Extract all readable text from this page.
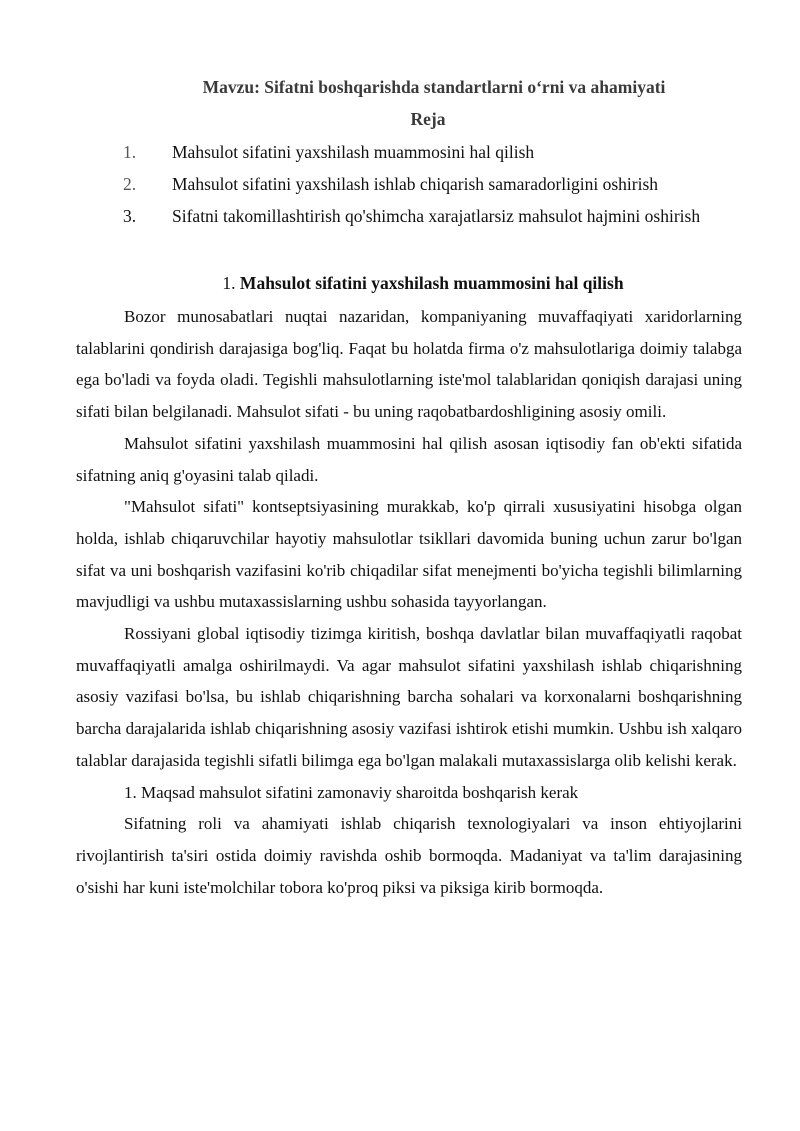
Mavzu: Sifatni boshqarishda standartlarni o‘rni va ahamiyati
Reja
1. Mahsulot sifatini yaxshilash muammosini hal qilish
2. Mahsulot sifatini yaxshilash ishlab chiqarish samaradorligini oshirish
3. Sifatni takomillashtirish qo'shimcha xarajatlarsiz mahsulot hajmini oshirish
1. Mahsulot sifatini yaxshilash muammosini hal qilish

Bozor munosabatlari nuqtai nazaridan, kompaniyaning muvaffaqiyati xaridorlarning talablarini qondirish darajasiga bog'liq. Faqat bu holatda firma o'z mahsulotlariga doimiy talabga ega bo'ladi va foyda oladi. Tegishli mahsulotlarning iste'mol talablaridan qoniqish darajasi uning sifati bilan belgilanadi. Mahsulot sifati - bu uning raqobatbardoshligining asosiy omili.

Mahsulot sifatini yaxshilash muammosini hal qilish asosan iqtisodiy fan ob'ekti sifatida sifatning aniq g'oyasini talab qiladi.

"Mahsulot sifati" kontseptsiyasining murakkab, ko'p qirrali xususiyatini hisobga olgan holda, ishlab chiqaruvchilar hayotiy mahsulotlar tsikllari davomida buning uchun zarur bo'lgan sifat va uni boshqarish vazifasini ko'rib chiqadilar sifat menejmenti bo'yicha tegishli bilimlarning mavjudligi va ushbu mutaxassislarning ushbu sohasida tayyorlangan.

Rossiyani global iqtisodiy tizimga kiritish, boshqa davlatlar bilan muvaffaqiyatli raqobat muvaffaqiyatli amalga oshirilmaydi. Va agar mahsulot sifatini yaxshilash ishlab chiqarishning asosiy vazifasi bo'lsa, bu ishlab chiqarishning barcha sohalari va korxonalarni boshqarishning barcha darajalarida ishlab chiqarishning asosiy vazifasi ishtirok etishi mumkin. Ushbu ish xalqaro talablar darajasida tegishli sifatli bilimga ega bo'lgan malakali mutaxassislarga olib kelishi kerak.

1. Maqsad mahsulot sifatini zamonaviy sharoitda boshqarish kerak

Sifatning roli va ahamiyati ishlab chiqarish texnologiyalari va inson ehtiyojlarini rivojlantirish ta'siri ostida doimiy ravishda oshib bormoqda. Madaniyat va ta'lim darajasining o'sishi har kuni iste'molchilar tobora ko'proq piksi va piksiga kirib bormoqda.
